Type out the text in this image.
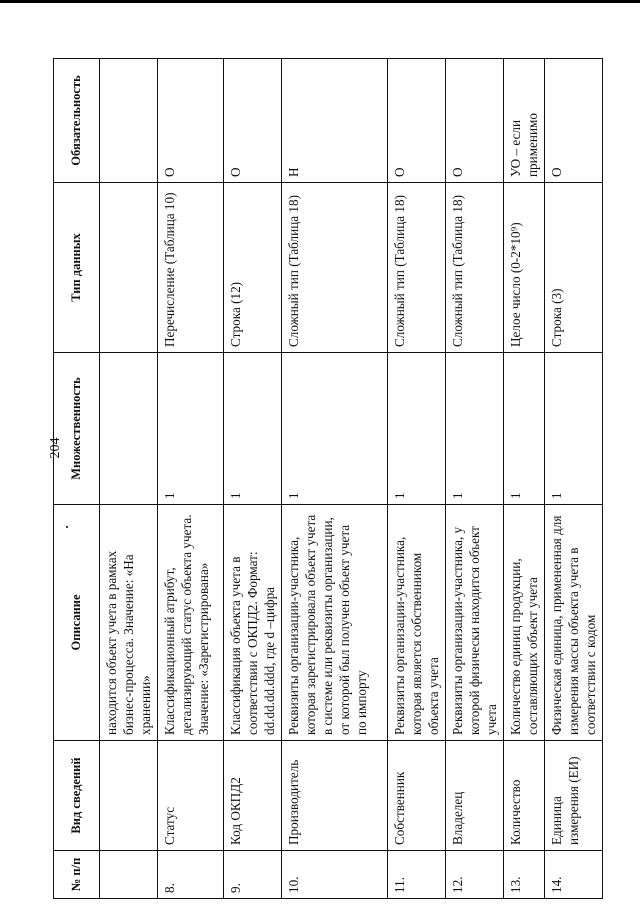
204
№ п/п	Вид сведений	Описание	Множественность	Тип данных	Обязательность
		находится объект учета в рамках бизнес-процесса. Значение: «На хранении»			
8.	Статус	Классификационный атрибут, детализирующий статус объекта учета. Значение: «Зарегистрирована»	1	Перечисление (Таблица 10)	О
9.	Код ОКПД2	Классификация объекта учета в соответствии с ОКПД2. Формат: dd.dd.dd.ddd, где d –цифра	1	Строка (12)	О
10.	Производитель	Реквизиты организации-участника, которая зарегистрировала объект учета в системе или реквизиты организации, от которой был получен объект учета по импорту	1	Сложный тип (Таблица 18)	Н
11.	Собственник	Реквизиты организации-участника, которая является собственником объекта учета	1	Сложный тип (Таблица 18)	О
12.	Владелец	Реквизиты организации-участника, у которой физически находится объект учета	1	Сложный тип (Таблица 18)	О
13.	Количество	Количество единиц продукции, составляющих объект учета	1	Целое число (0-2*10⁹)	УО – если применимо
14.	Единица измерения (ЕИ)	Физическая единица, примененная для измерения массы объекта учета в соответствии с кодом	1	Строка (3)	О
